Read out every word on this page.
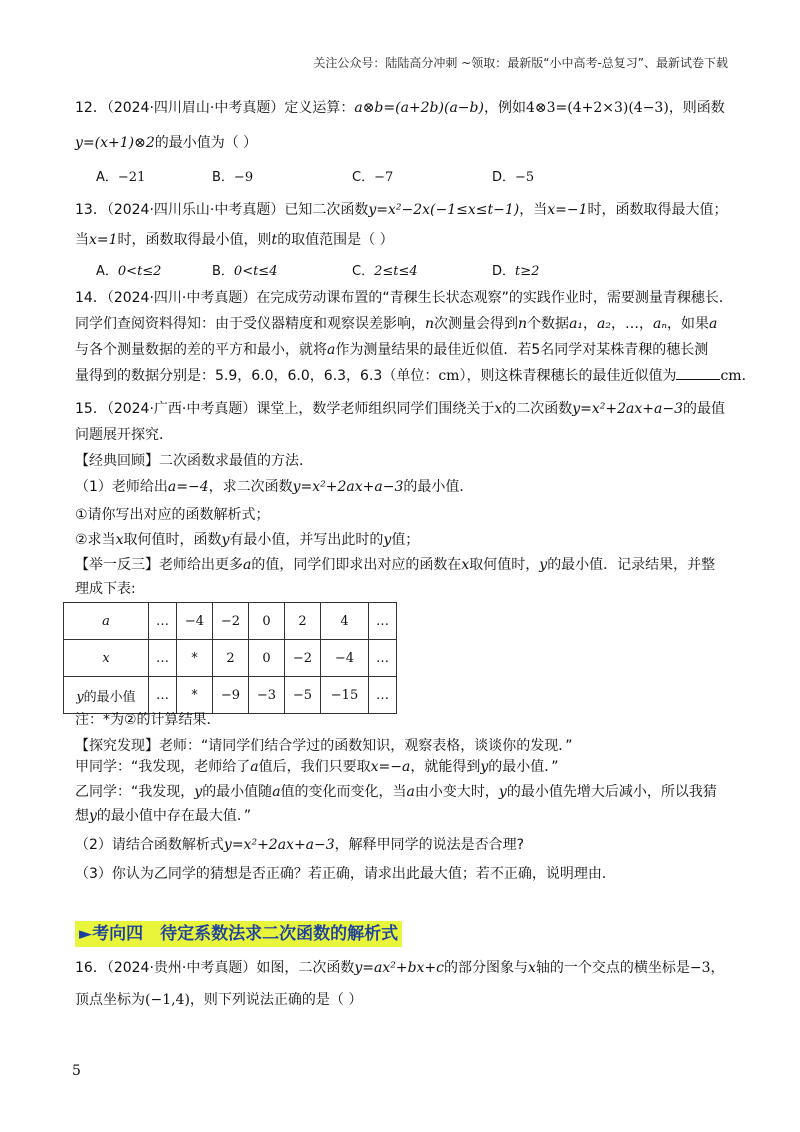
关注公众号：陆陆高分冲刺 ~领取：最新版“小中高考-总复习”、最新试卷下载
12．（2024·四川眉山·中考真题）定义运算：a⊗b=(a+2b)(a−b)，例如4⊗3=(4+2×3)(4−3)，则函数
y=(x+1)⊗2的最小值为（ ）
A．−21	B．−9	C．−7	D．−5
13．（2024·四川乐山·中考真题）已知二次函数y=x²−2x(−1≤x≤t−1)，当x=−1时，函数取得最大值；
当x=1时，函数取得最小值，则t的取值范围是（ ）
A．0<t≤2	B．0<t≤4	C．2≤t≤4	D．t≥2
14．（2024·四川·中考真题）在完成劳动课布置的“青稞生长状态观察”的实践作业时，需要测量青稞穗长．
同学们查阅资料得知：由于受仪器精度和观察误差影响，n次测量会得到n个数据a₁，a₂，…，aₙ，如果a
与各个测量数据的差的平方和最小，就将a作为测量结果的最佳近似值．若5名同学对某株青稞的穗长测
量得到的数据分别是：5.9，6.0，6.0，6.3，6.3（单位：cm），则这株青稞穗长的最佳近似值为	cm．
15．（2024·广西·中考真题）课堂上，数学老师组织同学们围绕关于x的二次函数y=x²+2ax+a−3的最值
问题展开探究．
【经典回顾】二次函数求最值的方法．
（1）老师给出a=−4，求二次函数y=x²+2ax+a−3的最小值．
①请你写出对应的函数解析式；
②求当x取何值时，函数y有最小值，并写出此时的y值；
【举一反三】老师给出更多a的值，同学们即求出对应的函数在x取何值时，y的最小值．记录结果，并整
理成下表:
a	…	−4	−2	0	2	4	…
x	…	*	2	0	−2	−4	…
y的最小值	…	*	−9	−3	−5	−15	…
注：*为②的计算结果．
【探究发现】老师：“请同学们结合学过的函数知识，观察表格，谈谈你的发现．”
甲同学：“我发现，老师给了a值后，我们只要取x=−a，就能得到y的最小值．”
乙同学：“我发现，y的最小值随a值的变化而变化，当a由小变大时，y的最小值先增大后减小，所以我猜
想y的最小值中存在最大值．”
（2）请结合函数解析式y=x²+2ax+a−3，解释甲同学的说法是否合理?
（3）你认为乙同学的猜想是否正确？若正确，请求出此最大值；若不正确，说明理由．
►考向四　待定系数法求二次函数的解析式
16．（2024·贵州·中考真题）如图，二次函数y=ax²+bx+c的部分图象与x轴的一个交点的横坐标是−3，
顶点坐标为(−1,4)，则下列说法正确的是（ ）
5
